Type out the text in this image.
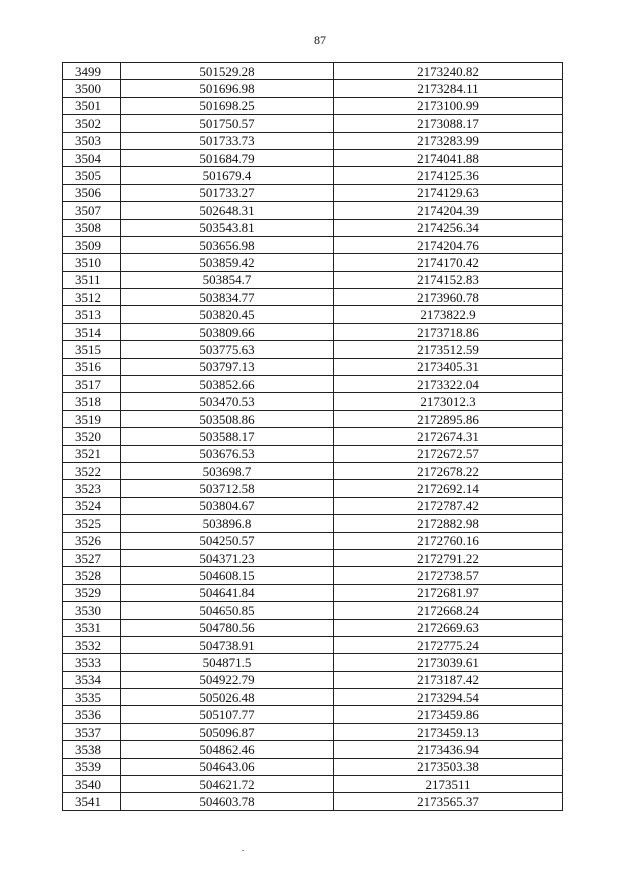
87
3499	501529.28	2173240.82
3500	501696.98	2173284.11
3501	501698.25	2173100.99
3502	501750.57	2173088.17
3503	501733.73	2173283.99
3504	501684.79	2174041.88
3505	501679.4	2174125.36
3506	501733.27	2174129.63
3507	502648.31	2174204.39
3508	503543.81	2174256.34
3509	503656.98	2174204.76
3510	503859.42	2174170.42
3511	503854.7	2174152.83
3512	503834.77	2173960.78
3513	503820.45	2173822.9
3514	503809.66	2173718.86
3515	503775.63	2173512.59
3516	503797.13	2173405.31
3517	503852.66	2173322.04
3518	503470.53	2173012.3
3519	503508.86	2172895.86
3520	503588.17	2172674.31
3521	503676.53	2172672.57
3522	503698.7	2172678.22
3523	503712.58	2172692.14
3524	503804.67	2172787.42
3525	503896.8	2172882.98
3526	504250.57	2172760.16
3527	504371.23	2172791.22
3528	504608.15	2172738.57
3529	504641.84	2172681.97
3530	504650.85	2172668.24
3531	504780.56	2172669.63
3532	504738.91	2172775.24
3533	504871.5	2173039.61
3534	504922.79	2173187.42
3535	505026.48	2173294.54
3536	505107.77	2173459.86
3537	505096.87	2173459.13
3538	504862.46	2173436.94
3539	504643.06	2173503.38
3540	504621.72	2173511
3541	504603.78	2173565.37
